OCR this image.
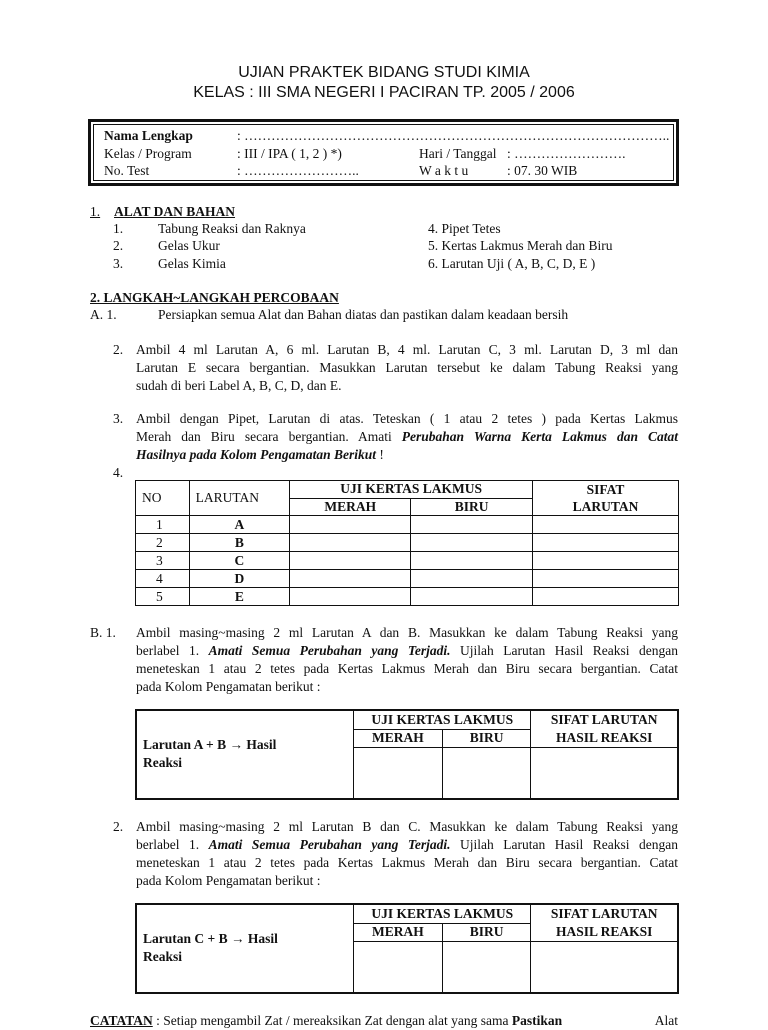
UJIAN PRAKTEK BIDANG STUDI KIMIA
KELAS : III SMA NEGERI I PACIRAN TP. 2005 / 2006
Nama Lengkap	: …………………………………………………………………………………..
Kelas / Program	: III / IPA ( 1, 2 ) *)	Hari / Tanggal : …………………….
No. Test	: ……………………..	W a k t u	: 07. 30 WIB
1. ALAT DAN BAHAN
1.	Tabung Reaksi dan Raknya
2.	Gelas Ukur
3.	Gelas Kimia
4. Pipet Tetes
5. Kertas Lakmus Merah dan Biru
6. Larutan Uji ( A, B, C, D, E )
2. LANGKAH~LANGKAH PERCOBAAN
A. 1.	Persiapkan semua Alat dan Bahan diatas dan pastikan dalam keadaan bersih
2. Ambil 4 ml Larutan A, 6 ml. Larutan B, 4 ml. Larutan C, 3 ml. Larutan D, 3 ml dan
Larutan E secara bergantian. Masukkan Larutan tersebut ke dalam Tabung Reaksi yang
sudah di beri Label A, B, C, D, dan E.
3. Ambil dengan Pipet, Larutan di atas. Teteskan ( 1 atau 2 tetes ) pada Kertas Lakmus
Merah dan Biru secara bergantian. Amati Perubahan Warna Kerta Lakmus dan Catat
Hasilnya pada Kolom Pengamatan Berikut !
4.
NO	LARUTAN	UJI KERTAS LAKMUS		SIFAT
LARUTAN
		MERAH	BIRU	
1	A			
2	B			
3	C			
4	D			
5	E			
B. 1. Ambil masing~masing 2 ml Larutan A dan B. Masukkan ke dalam Tabung Reaksi yang
berlabel 1. Amati Semua Perubahan yang Terjadi. Ujilah Larutan Hasil Reaksi dengan
meneteskan 1 atau 2 tetes pada Kertas Lakmus Merah dan Biru secara bergantian. Catat
pada Kolom Pengamatan berikut :
Larutan A + B → Hasil
Reaksi	UJI KERTAS LAKMUS		SIFAT LARUTAN
HASIL REAKSI
	MERAH	BIRU	

2. Ambil masing~masing 2 ml Larutan B dan C. Masukkan ke dalam Tabung Reaksi yang
berlabel 1. Amati Semua Perubahan yang Terjadi. Ujilah Larutan Hasil Reaksi dengan
meneteskan 1 atau 2 tetes pada Kertas Lakmus Merah dan Biru secara bergantian. Catat
pada Kolom Pengamatan berikut :
Larutan C + B → Hasil
Reaksi	UJI KERTAS LAKMUS		SIFAT LARUTAN
HASIL REAKSI
	MERAH	BIRU	

CATATAN : Setiap mengambil Zat / mereaksikan Zat dengan alat yang sama Pastikan	Alat
